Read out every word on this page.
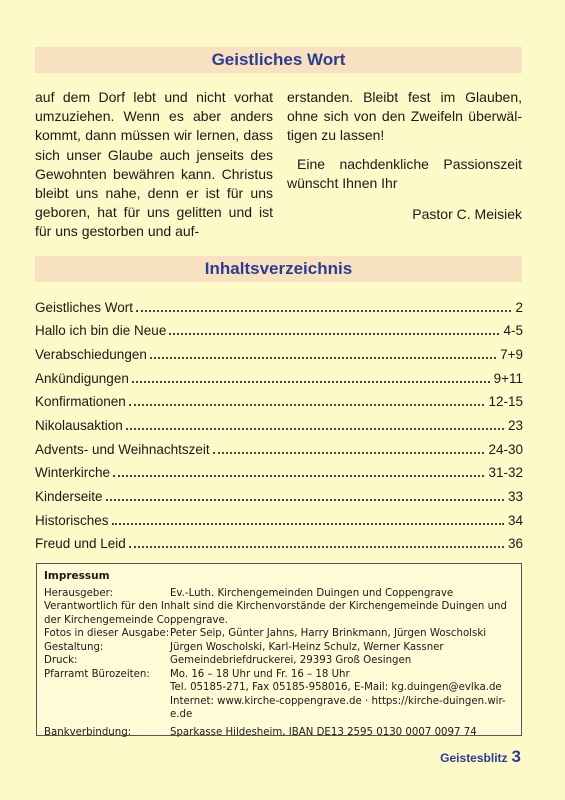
Geistliches Wort

auf dem Dorf lebt und nicht vorhat umzuziehen. Wenn es aber anders kommt, dann müssen wir lernen, dass sich unser Glaube auch jenseits des Gewohnten bewähren kann. Christus bleibt uns nahe, denn er ist für uns geboren, hat für uns gelitten und ist für uns gestorben und auf-

erstanden. Bleibt fest im Glauben, ohne sich von den Zweifeln überwäl-tigen zu lassen!

Eine nachdenkliche Passionszeit wünscht Ihnen Ihr

Pastor C. Meisiek

Inhaltsverzeichnis
Geistliches Wort	2
Hallo ich bin die Neue	4-5
Verabschiedungen	7+9
Ankündigungen	9+11
Konfirmationen	12-15
Nikolausaktion	23
Advents- und Weihnachtszeit	24-30
Winterkirche	31-32
Kinderseite	33
Historisches	34
Freud und Leid	36
Impressum
Herausgeber:	Ev.-Luth. Kirchengemeinden Duingen und Coppengrave
Verantwortlich für den Inhalt sind die Kirchenvorstände der Kirchengemeinde Duingen und der Kirchengemeinde Coppengrave.
Fotos in dieser Ausgabe: Peter Seip, Günter Jahns, Harry Brinkmann, Jürgen Woscholski
Gestaltung:	Jürgen Woscholski, Karl-Heinz Schulz, Werner Kassner
Druck:	Gemeindebriefdruckerei, 29393 Groß Oesingen
Pfarramt Bürozeiten:	Mo. 16 – 18 Uhr und Fr. 16 – 18 Uhr
Tel. 05185-271, Fax 05185-958016, E-Mail: kg.duingen@evlka.de
Internet: www.kirche-coppengrave.de · https://kirche-duingen.wir-e.de
Bankverbindung:	Sparkasse Hildesheim, IBAN DE13 2595 0130 0007 0097 74
Geistesblitz 3
